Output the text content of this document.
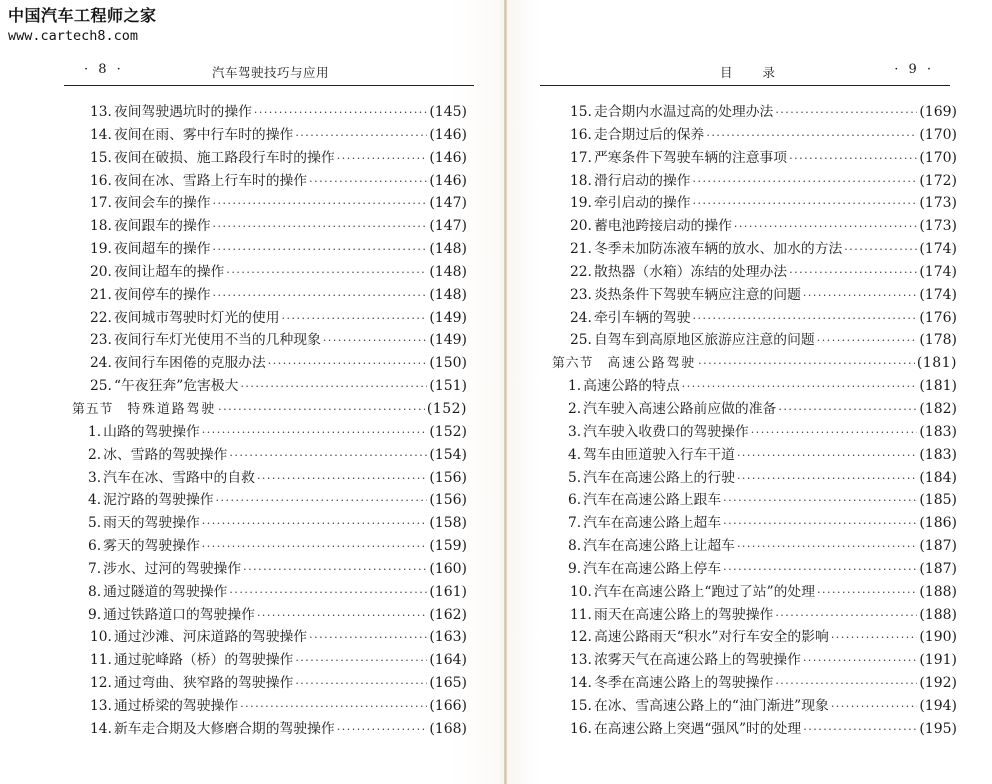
· 8 ·	汽车驾驶技巧与应用
13. 夜间驾驶遇坑时的操作 ·····	(145)
14. 夜间在雨、雾中行车时的操作 ·····	(146)
15. 夜间在破损、施工路段行车时的操作 ·····	(146)
16. 夜间在冰、雪路上行车时的操作 ·····	(146)
17. 夜间会车的操作 ·····	(147)
18. 夜间跟车的操作 ·····	(147)
19. 夜间超车的操作 ·····	(148)
20. 夜间让超车的操作 ·····	(148)
21. 夜间停车的操作 ·····	(148)
22. 夜间城市驾驶时灯光的使用 ·····	(149)
23. 夜间行车灯光使用不当的几种现象 ·····	(149)
24. 夜间行车困倦的克服办法 ·····	(150)
25. “午夜狂奔”危害极大 ·····	(151)
第五节	特殊道路驾驶 ·····	(152)
1. 山路的驾驶操作 ·····	(152)
2. 冰、雪路的驾驶操作 ·····	(154)
3. 汽车在冰、雪路中的自救 ·····	(156)
4. 泥泞路的驾驶操作 ·····	(156)
5. 雨天的驾驶操作 ·····	(158)
6. 雾天的驾驶操作 ·····	(159)
7. 涉水、过河的驾驶操作 ·····	(160)
8. 通过隧道的驾驶操作 ·····	(161)
9. 通过铁路道口的驾驶操作 ·····	(162)
10. 通过沙滩、河床道路的驾驶操作 ·····	(163)
11. 通过驼峰路（桥）的驾驶操作 ·····	(164)
12. 通过弯曲、狭窄路的驾驶操作 ·····	(165)
13. 通过桥梁的驾驶操作 ·····	(166)
14. 新车走合期及大修磨合期的驾驶操作 ·····	(168)
目录	· 9 ·
15. 走合期内水温过高的处理办法 ·····	(169)
16. 走合期过后的保养 ·····	(170)
17. 严寒条件下驾驶车辆的注意事项 ·····	(170)
18. 滑行启动的操作 ·····	(172)
19. 牵引启动的操作 ·····	(173)
20. 蓄电池跨接启动的操作 ·····	(173)
21. 冬季未加防冻液车辆的放水、加水的方法 ·····	(174)
22. 散热器（水箱）冻结的处理办法 ·····	(174)
23. 炎热条件下驾驶车辆应注意的问题 ·····	(174)
24. 牵引车辆的驾驶 ·····	(176)
25. 自驾车到高原地区旅游应注意的问题 ·····	(178)
第六节	高速公路驾驶 ·····	(181)
1. 高速公路的特点 ·····	(181)
2. 汽车驶入高速公路前应做的准备 ·····	(182)
3. 汽车驶入收费口的驾驶操作 ·····	(183)
4. 驾车由匝道驶入行车干道 ·····	(183)
5. 汽车在高速公路上的行驶 ·····	(184)
6. 汽车在高速公路上跟车 ·····	(185)
7. 汽车在高速公路上超车 ·····	(186)
8. 汽车在高速公路上让超车 ·····	(187)
9. 汽车在高速公路上停车 ·····	(187)
10. 汽车在高速公路上“跑过了站”的处理 ·····	(188)
11. 雨天在高速公路上的驾驶操作 ·····	(188)
12. 高速公路雨天“积水”对行车安全的影响 ·····	(190)
13. 浓雾天气在高速公路上的驾驶操作 ·····	(191)
14. 冬季在高速公路上的驾驶操作 ·····	(192)
15. 在冰、雪高速公路上的“油门渐进”现象 ·····	(194)
16. 在高速公路上突遇“强风”时的处理 ·····	(195)
中国汽车工程师之家
www.cartech8.com
